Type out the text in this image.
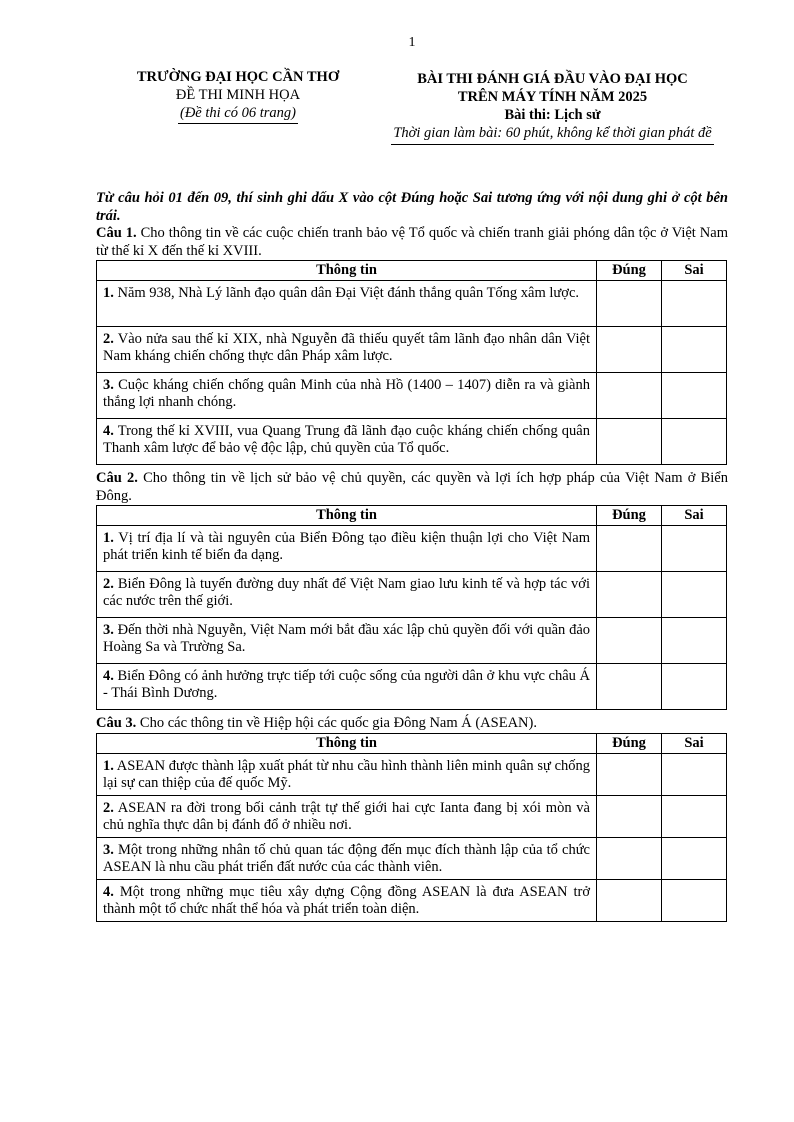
1
TRƯỜNG ĐẠI HỌC CẦN THƠ
ĐỀ THI MINH HỌA
(Đề thi có 06 trang)
BÀI THI ĐÁNH GIÁ ĐẦU VÀO ĐẠI HỌC
TRÊN MÁY TÍNH NĂM 2025
Bài thi: Lịch sử
Thời gian làm bài: 60 phút, không kể thời gian phát đề
Từ câu hỏi 01 đến 09, thí sinh ghi dấu X vào cột Đúng hoặc Sai tương ứng với nội dung ghi ở cột bên trái.

Câu 1. Cho thông tin về các cuộc chiến tranh bảo vệ Tổ quốc và chiến tranh giải phóng dân tộc ở Việt Nam từ thế kỉ X đến thế kỉ XVIII.

Thông tin	Đúng	Sai
1. Năm 938, Nhà Lý lãnh đạo quân dân Đại Việt đánh thắng quân Tống xâm lược.		
2. Vào nửa sau thế kỉ XIX, nhà Nguyễn đã thiếu quyết tâm lãnh đạo nhân dân Việt Nam kháng chiến chống thực dân Pháp xâm lược.		
3. Cuộc kháng chiến chống quân Minh của nhà Hồ (1400 – 1407) diễn ra và giành thắng lợi nhanh chóng.		
4. Trong thế kỉ XVIII, vua Quang Trung đã lãnh đạo cuộc kháng chiến chống quân Thanh xâm lược để bảo vệ độc lập, chủ quyền của Tổ quốc.		

Câu 2. Cho thông tin về lịch sử bảo vệ chủ quyền, các quyền và lợi ích hợp pháp của Việt Nam ở Biển Đông.

Thông tin	Đúng	Sai
1. Vị trí địa lí và tài nguyên của Biển Đông tạo điều kiện thuận lợi cho Việt Nam phát triển kinh tế biển đa dạng.		
2. Biển Đông là tuyến đường duy nhất để Việt Nam giao lưu kinh tế và hợp tác với các nước trên thế giới.		
3. Đến thời nhà Nguyễn, Việt Nam mới bắt đầu xác lập chủ quyền đối với quần đảo Hoàng Sa và Trường Sa.		
4. Biển Đông có ảnh hưởng trực tiếp tới cuộc sống của người dân ở khu vực châu Á - Thái Bình Dương.		

Câu 3. Cho các thông tin về Hiệp hội các quốc gia Đông Nam Á (ASEAN).

Thông tin	Đúng	Sai
1. ASEAN được thành lập xuất phát từ nhu cầu hình thành liên minh quân sự chống lại sự can thiệp của đế quốc Mỹ.		
2. ASEAN ra đời trong bối cảnh trật tự thế giới hai cực Ianta đang bị xói mòn và chủ nghĩa thực dân bị đánh đổ ở nhiều nơi.		
3. Một trong những nhân tố chủ quan tác động đến mục đích thành lập của tổ chức ASEAN là nhu cầu phát triển đất nước của các thành viên.		
4. Một trong những mục tiêu xây dựng Cộng đồng ASEAN là đưa ASEAN trở thành một tổ chức nhất thể hóa và phát triển toàn diện.		
